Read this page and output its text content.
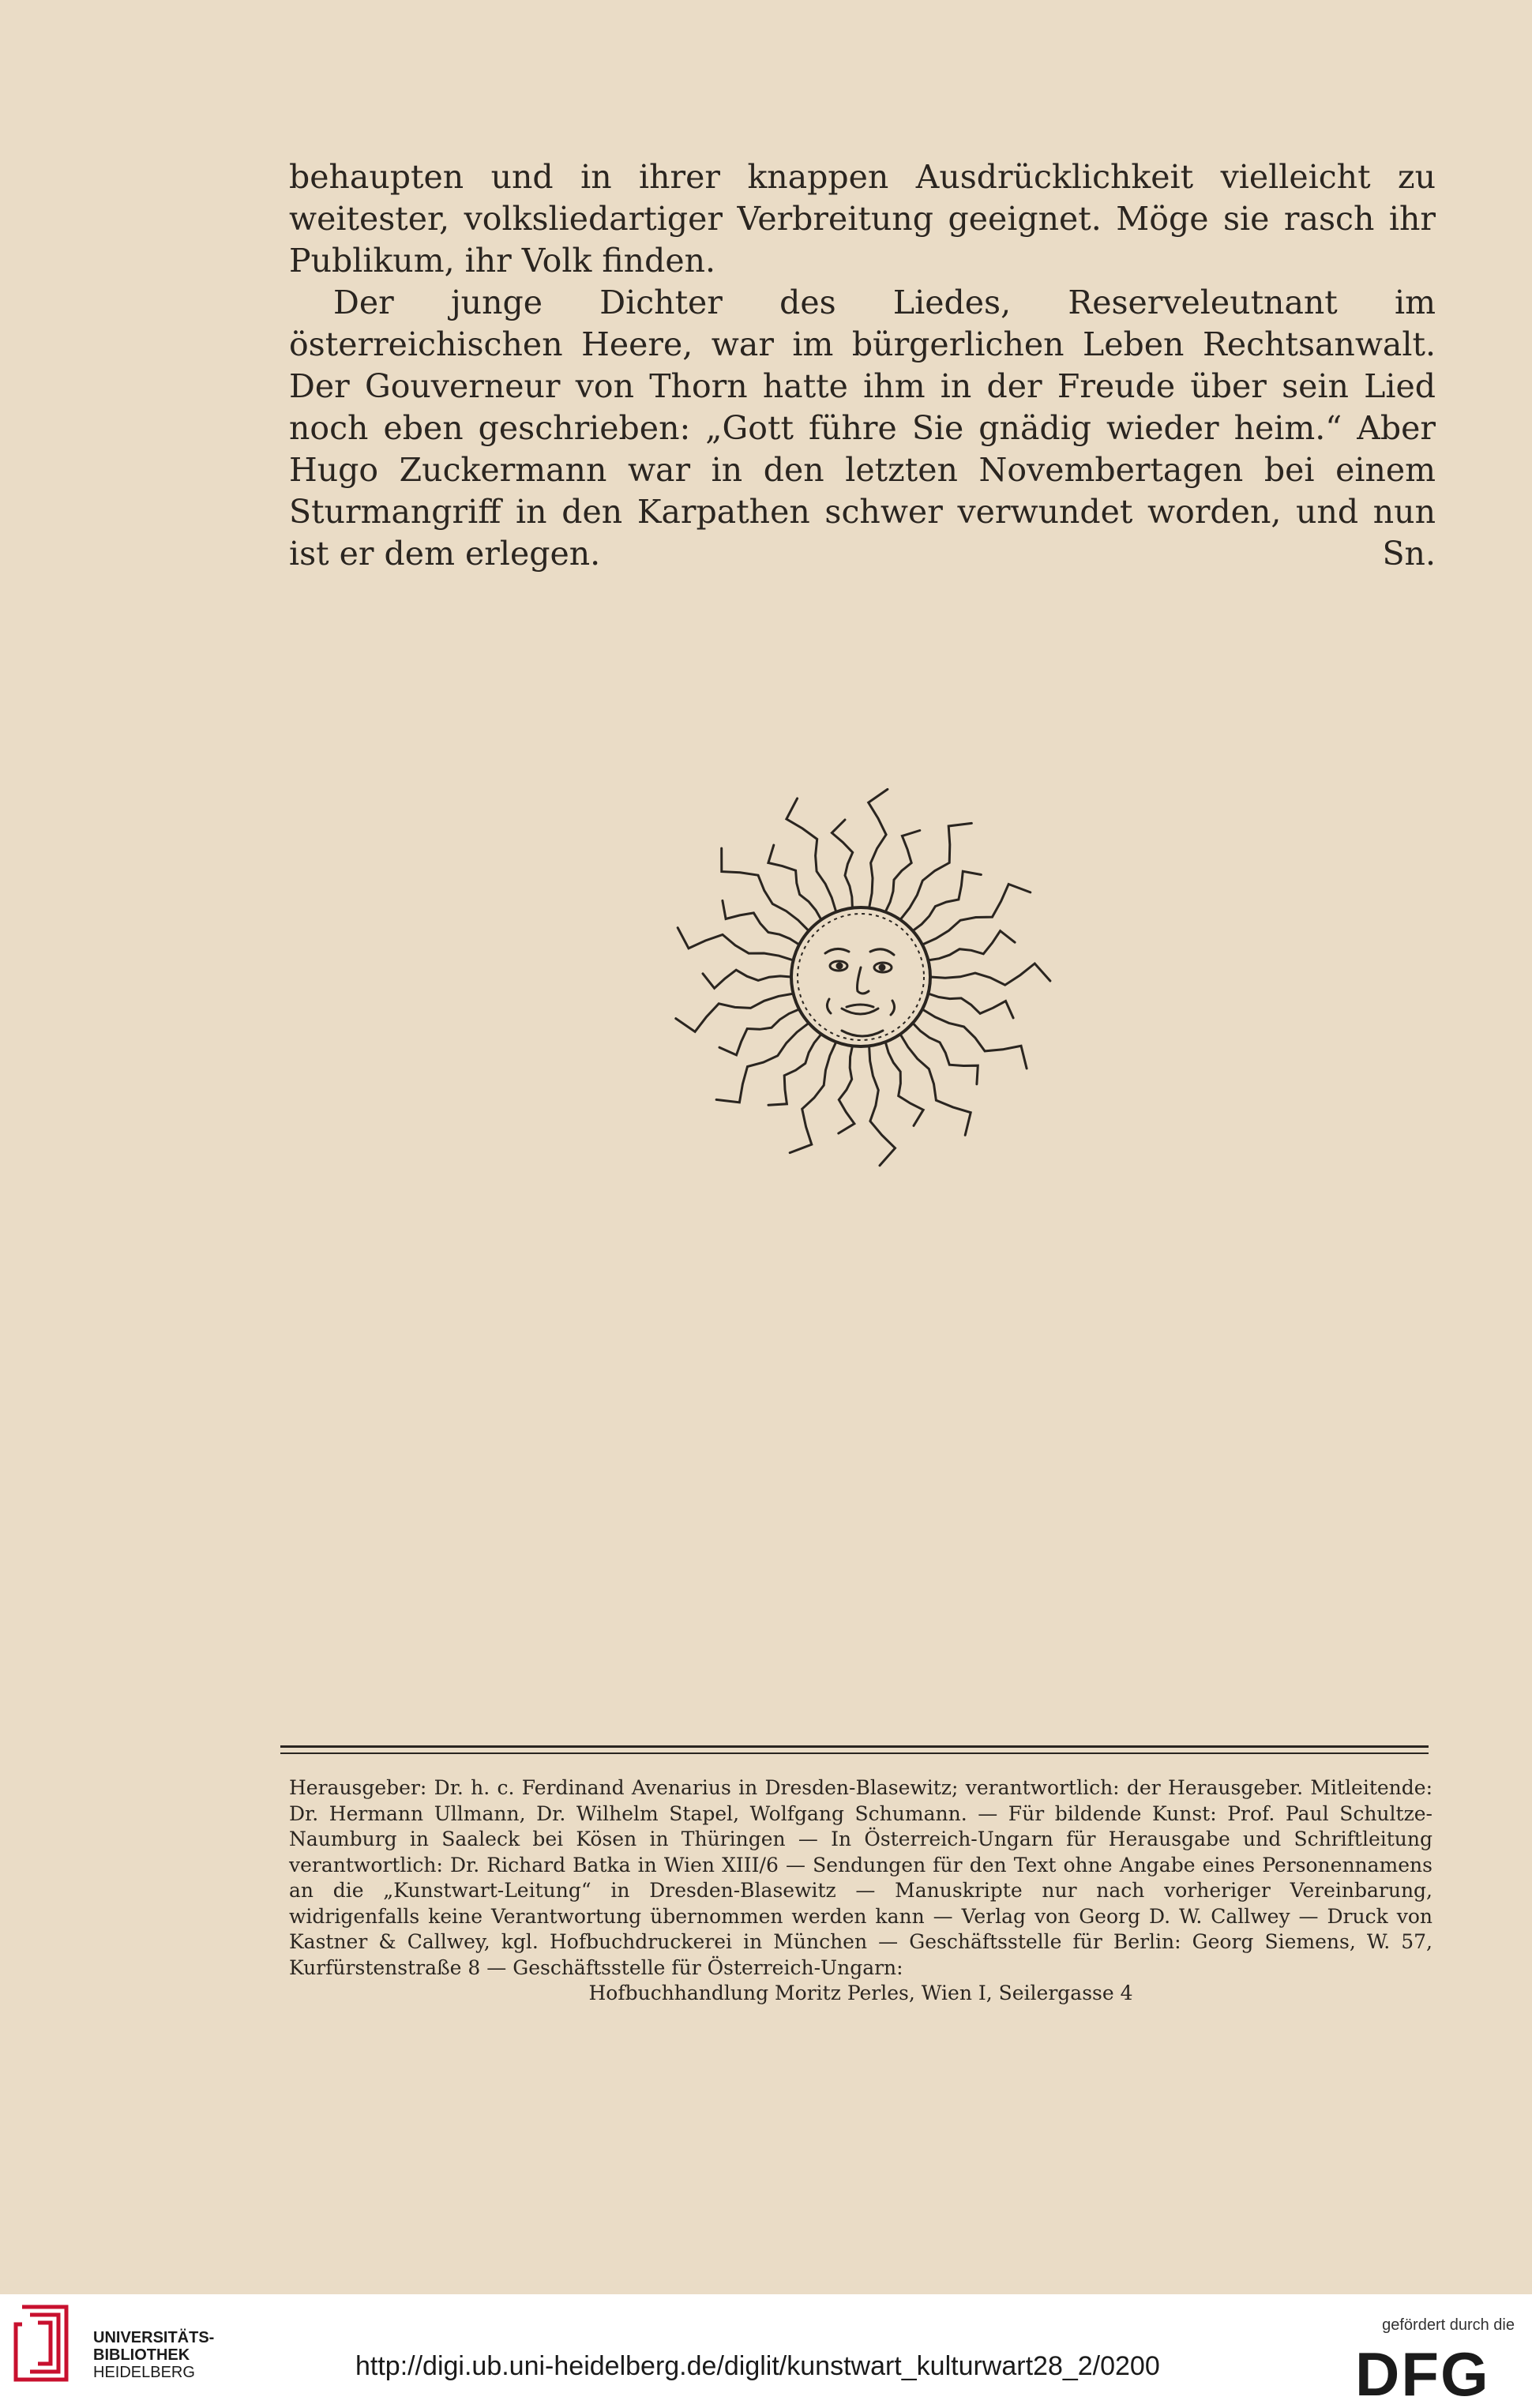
behaupten und in ihrer knappen Ausdrücklichkeit vielleicht zu weitester, volksliedartiger Verbreitung geeignet. Möge sie rasch ihr Publikum, ihr Volk finden.

Der junge Dichter des Liedes, Reserveleutnant im österreichischen Heere, war im bürgerlichen Leben Rechtsanwalt. Der Gouverneur von Thorn hatte ihm in der Freude über sein Lied noch eben geschrieben: „Gott führe Sie gnädig wieder heim.“ Aber Hugo Zuckermann war in den letzten Novembertagen bei einem Sturmangriff in den Karpathen schwer verwundet worden, und nun ist er dem erlegen.	Sn.

Herausgeber: Dr. h. c. Ferdinand Avenarius in Dresden-Blasewitz; verantwortlich: der Herausgeber. Mitleitende: Dr. Hermann Ullmann, Dr. Wilhelm Stapel, Wolfgang Schumann. — Für bildende Kunst: Prof. Paul Schultze-Naumburg in Saaleck bei Kösen in Thüringen — In Österreich-Ungarn für Herausgabe und Schriftleitung verantwortlich: Dr. Richard Batka in Wien XIII/6 — Sendungen für den Text ohne Angabe eines Personennamens an die „Kunstwart-Leitung“ in Dresden-Blasewitz — Manuskripte nur nach vorheriger Vereinbarung, widrigenfalls keine Verantwortung übernommen werden kann — Verlag von Georg D. W. Callwey — Druck von Kastner & Callwey, kgl. Hofbuchdruckerei in München — Geschäftsstelle für Berlin: Georg Siemens, W. 57, Kurfürstenstraße 8 — Geschäftsstelle für Österreich-Ungarn:
Hofbuchhandlung Moritz Perles, Wien I, Seilergasse 4
UNIVERSITÄTS-
BIBLIOTHEK
HEIDELBERG	http://digi.ub.uni-heidelberg.de/diglit/kunstwart_kulturwart28_2/0200
gefördert durch die
DFG
